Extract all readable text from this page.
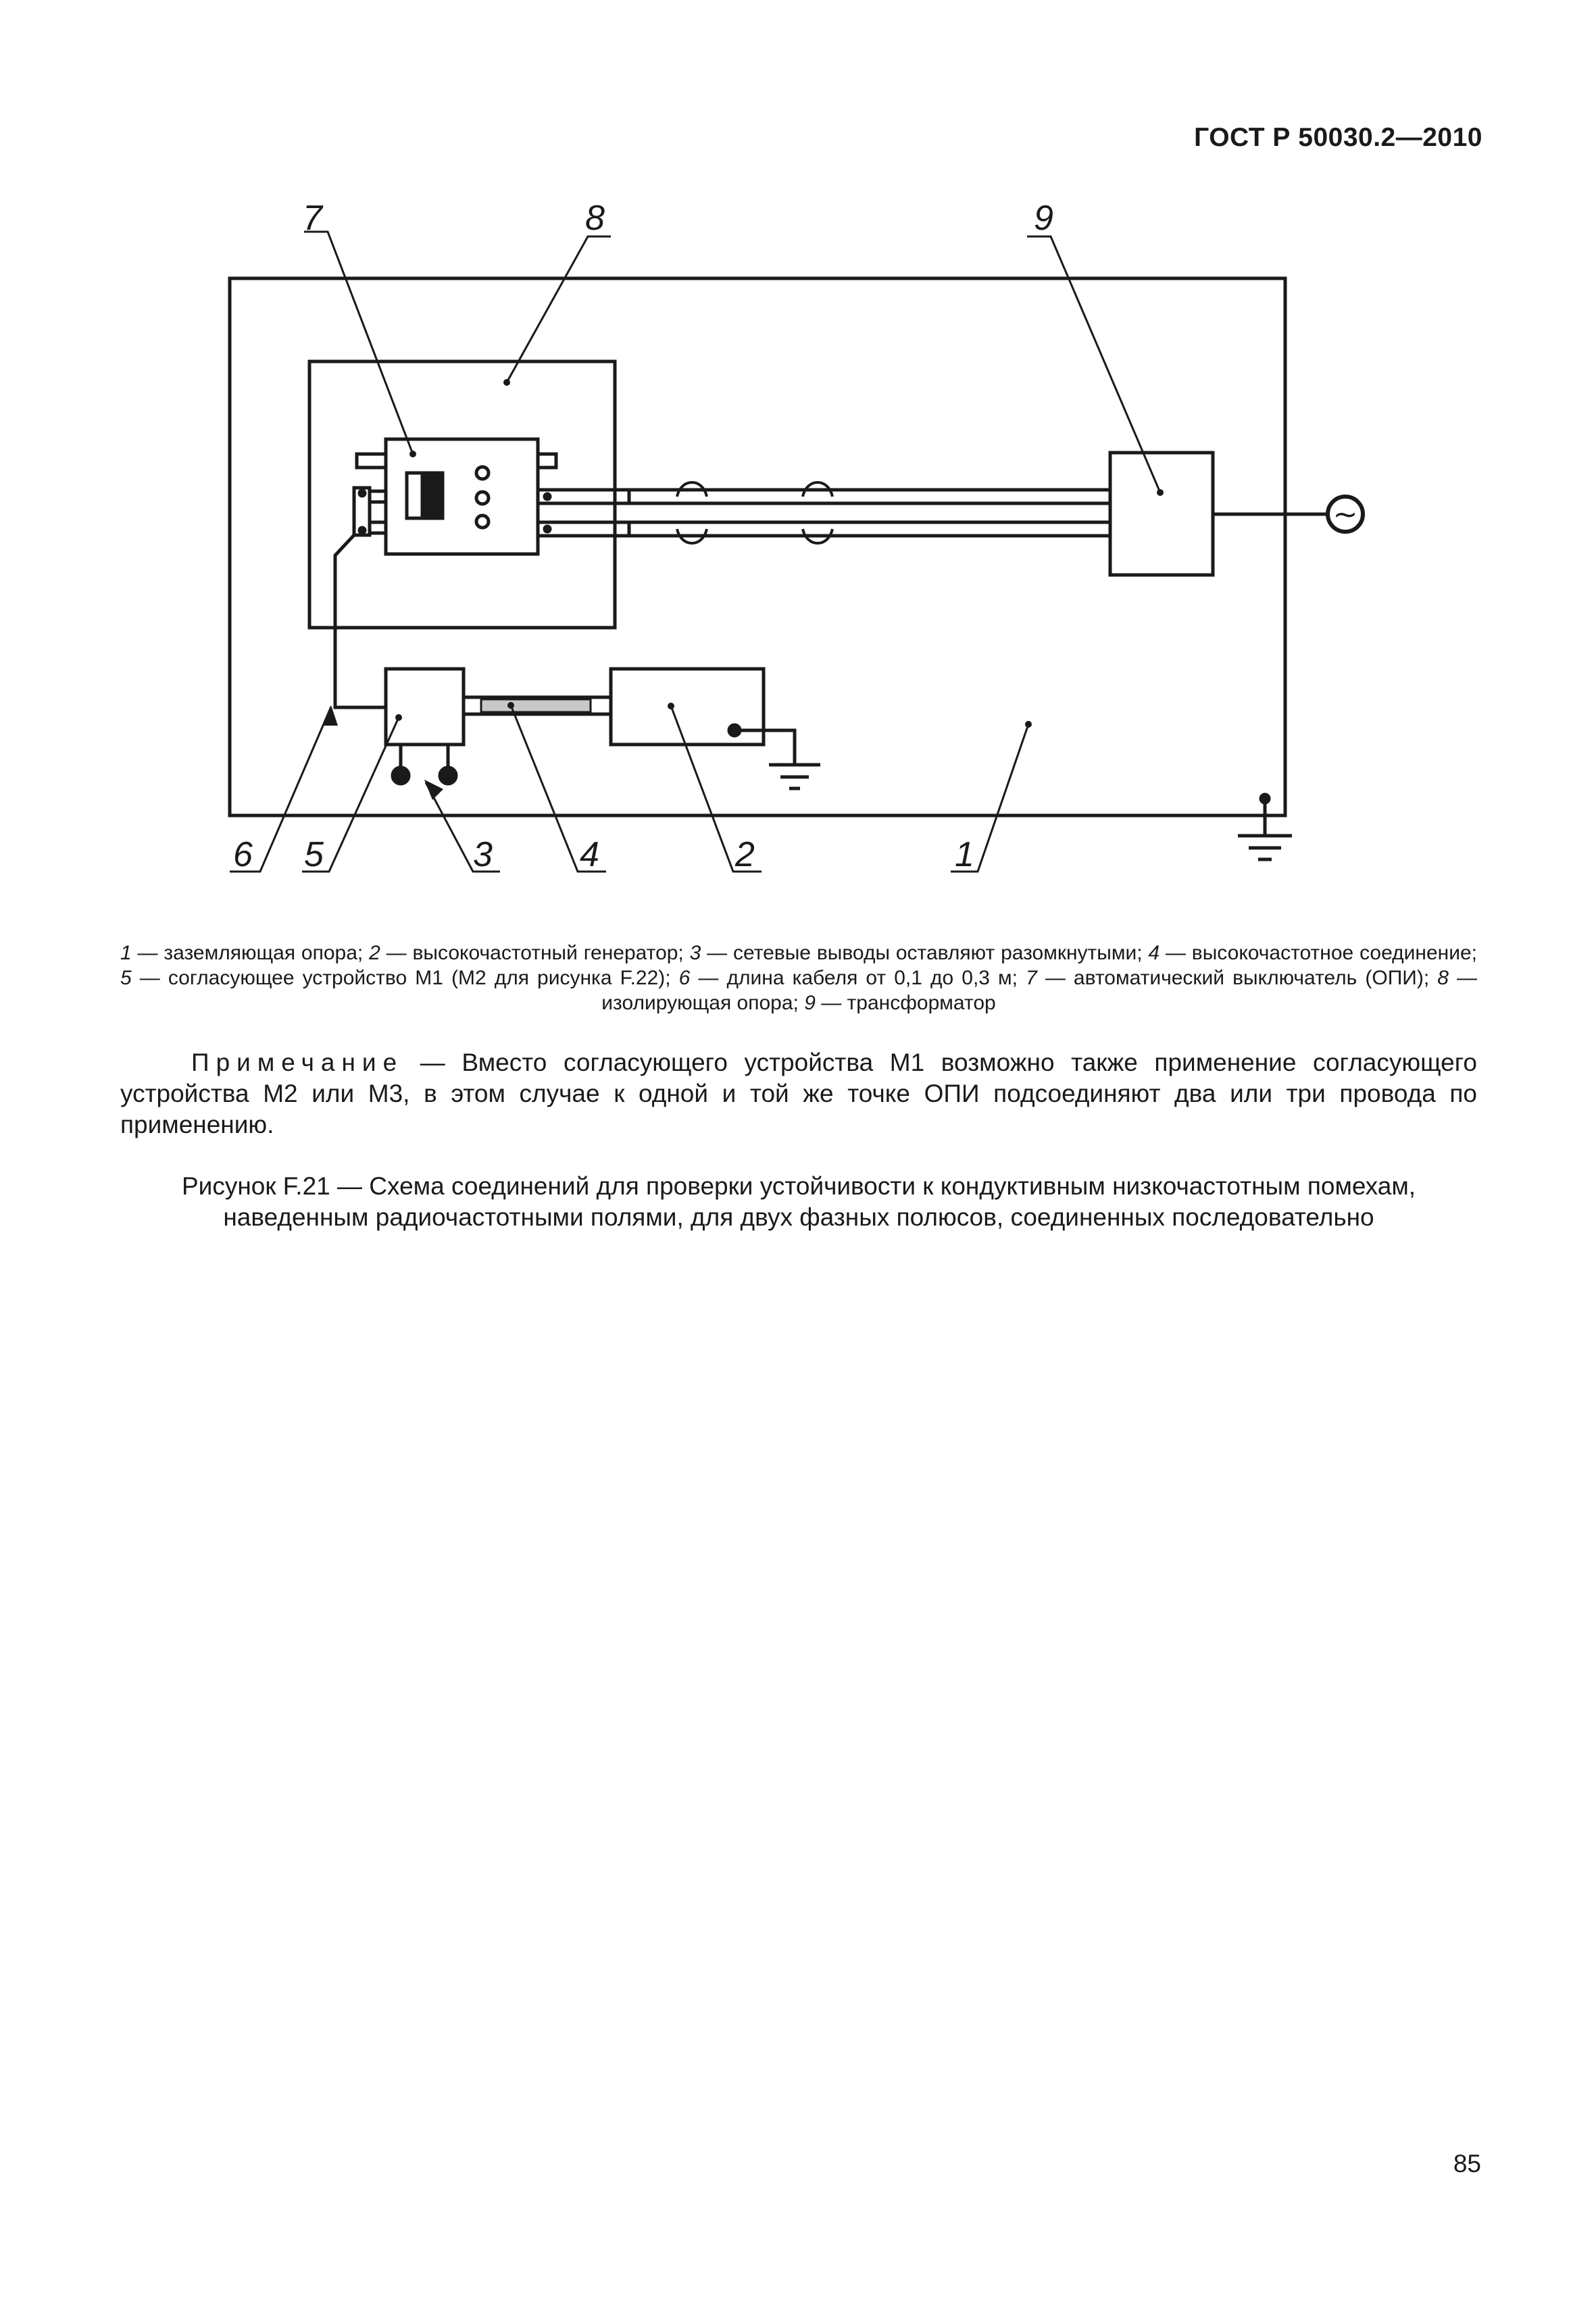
ГОСТ Р 50030.2—2010
7	8	9
6 5	3 4	2	1
~
1 — заземляющая опора; 2 — высокочастотный генератор; 3 — сетевые выводы оставляют разомкнутыми; 4 — высокочастотное соединение; 5 — согласующее устройство M1 (M2 для рисунка F.22); 6 — длина кабеля от 0,1 до 0,3 м; 7 — автоматический выключатель (ОПИ); 8 — изолирующая опора; 9 — трансформатор
Примечание — Вместо согласующего устройства M1 возможно также применение согласующего устройства M2 или M3, в этом случае к одной и той же точке ОПИ подсоединяют два или три провода по применению.
Рисунок F.21 — Схема соединений для проверки устойчивости к кондуктивным низкочастотным помехам,
наведенным радиочастотными полями, для двух фазных полюсов, соединенных последовательно
85
